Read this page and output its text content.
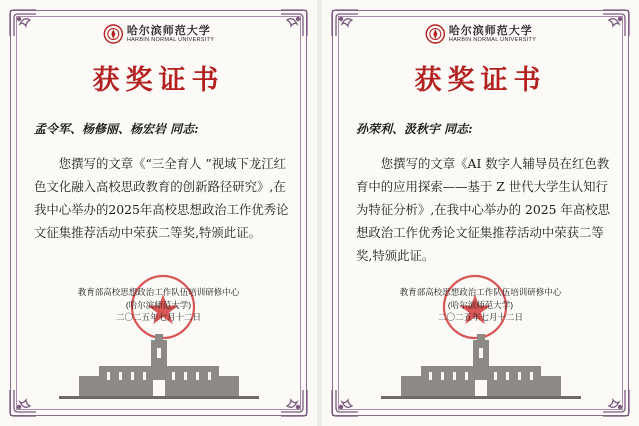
哈尔滨师范大学
HARBIN NORMAL UNIVERSITY
获奖证书
孟令军、杨修丽、杨宏岩 同志:
您撰写的文章《“三全育人 ”视域下龙江红色文化融入高校思政教育的创新路径研究》,在我中心举办的2025年高校思想政治工作优秀论文征集推荐活动中荣获二等奖,特颁此证。
教育部高校思想政治工作队伍培训研修中心
(哈尔滨师范大学)
二〇二五年七月十二日
哈尔滨师范大学
HARBIN NORMAL UNIVERSITY
获奖证书
孙荣利、汲秋宇 同志:
您撰写的文章《AI 数字人辅导员在红色教育中的应用探索——基于 Z 世代大学生认知行为特征分析》,在我中心举办的 2025 年高校思想政治工作优秀论文征集推荐活动中荣获二等奖,特颁此证。
教育部高校思想政治工作队伍培训研修中心
(哈尔滨师范大学)
二〇二五年七月十二日
